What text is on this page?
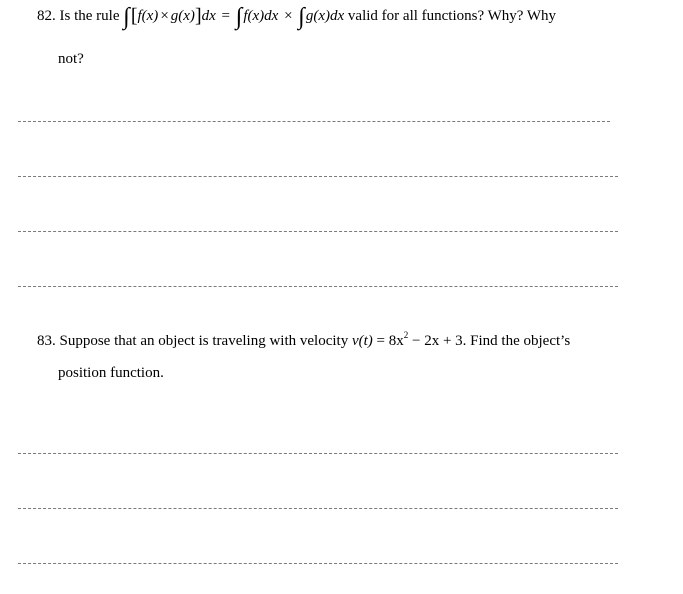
82. Is the rule ∫[f(x) × g(x)]dx = ∫f(x)dx × ∫g(x)dx valid for all functions? Why? Why
not?
83. Suppose that an object is traveling with velocity $v(t) = 8x^2 - 2x + 3$. Find the object’s
position function.
